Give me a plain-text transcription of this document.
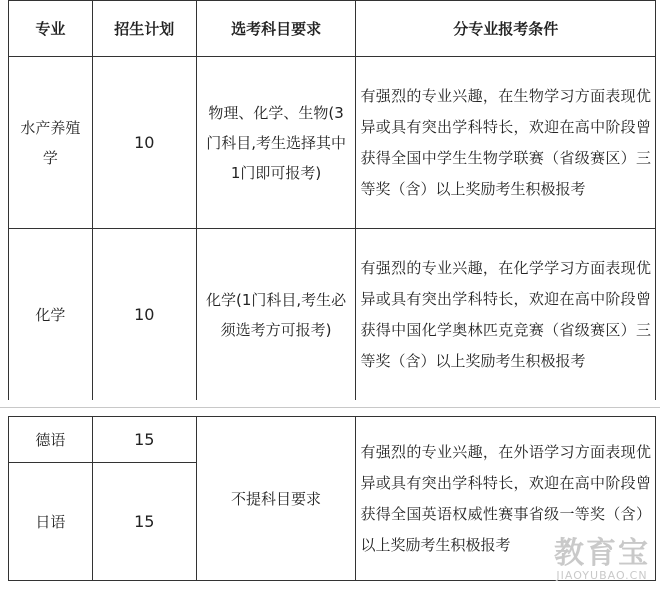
专业	招生计划	选考科目要求	分专业报考条件
水产养殖学	10	物理、化学、生物(3门科目,考生选择其中1门即可报考)	有强烈的专业兴趣，在生物学习方面表现优异或具有突出学科特长，欢迎在高中阶段曾获得全国中学生生物学联赛（省级赛区）三等奖（含）以上奖励考生积极报考
化学	10	化学(1门科目,考生必须选考方可报考)	有强烈的专业兴趣，在化学学习方面表现优异或具有突出学科特长，欢迎在高中阶段曾获得中国化学奥林匹克竞赛（省级赛区）三等奖（含）以上奖励考生积极报考
德语	15	不提科目要求	有强烈的专业兴趣，在外语学习方面表现优异或具有突出学科特长，欢迎在高中阶段曾获得全国英语权威性赛事省级一等奖（含）以上奖励考生积极报考
日语	15		
教育宝
JIAOYUBAO.CN
